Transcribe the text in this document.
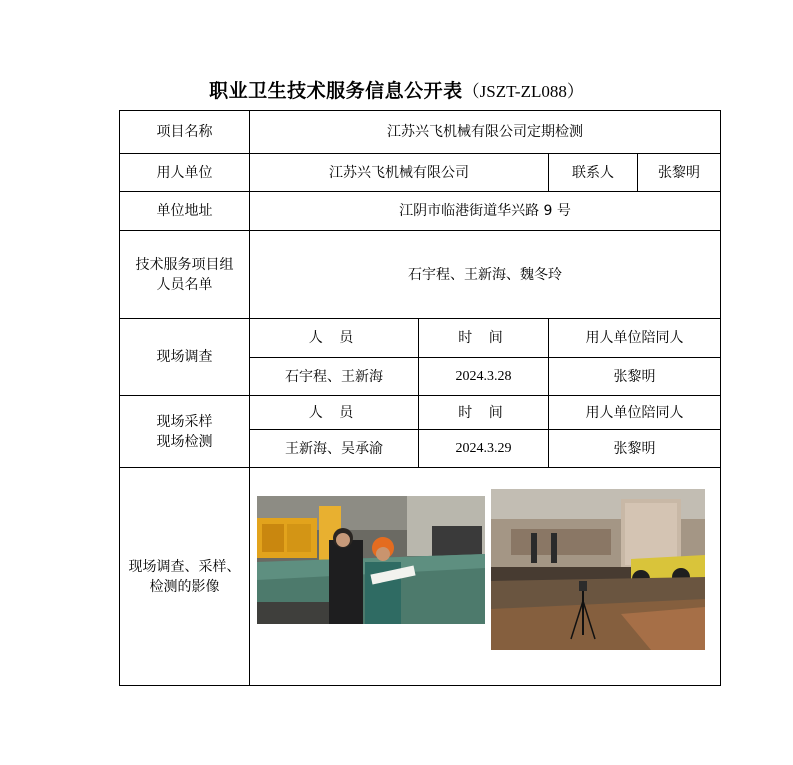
职业卫生技术服务信息公开表（JSZT-ZL088）
项目名称	江苏兴飞机械有限公司定期检测			
用人单位	江苏兴飞机械有限公司		联系人	张黎明
单位地址	江阴市临港街道华兴路 9 号			

技术服务项目组
人员名单	石宇程、王新海、魏冬玲			
现场调查	人 员	时 间	用人单位陪同人	
	石宇程、王新海	2024.3.28	张黎明	

现场采样
现场检测	人 员	时 间	用人单位陪同人	
	王新海、吴承渝	2024.3.29	张黎明	

现场调查、采样、
检测的影像
